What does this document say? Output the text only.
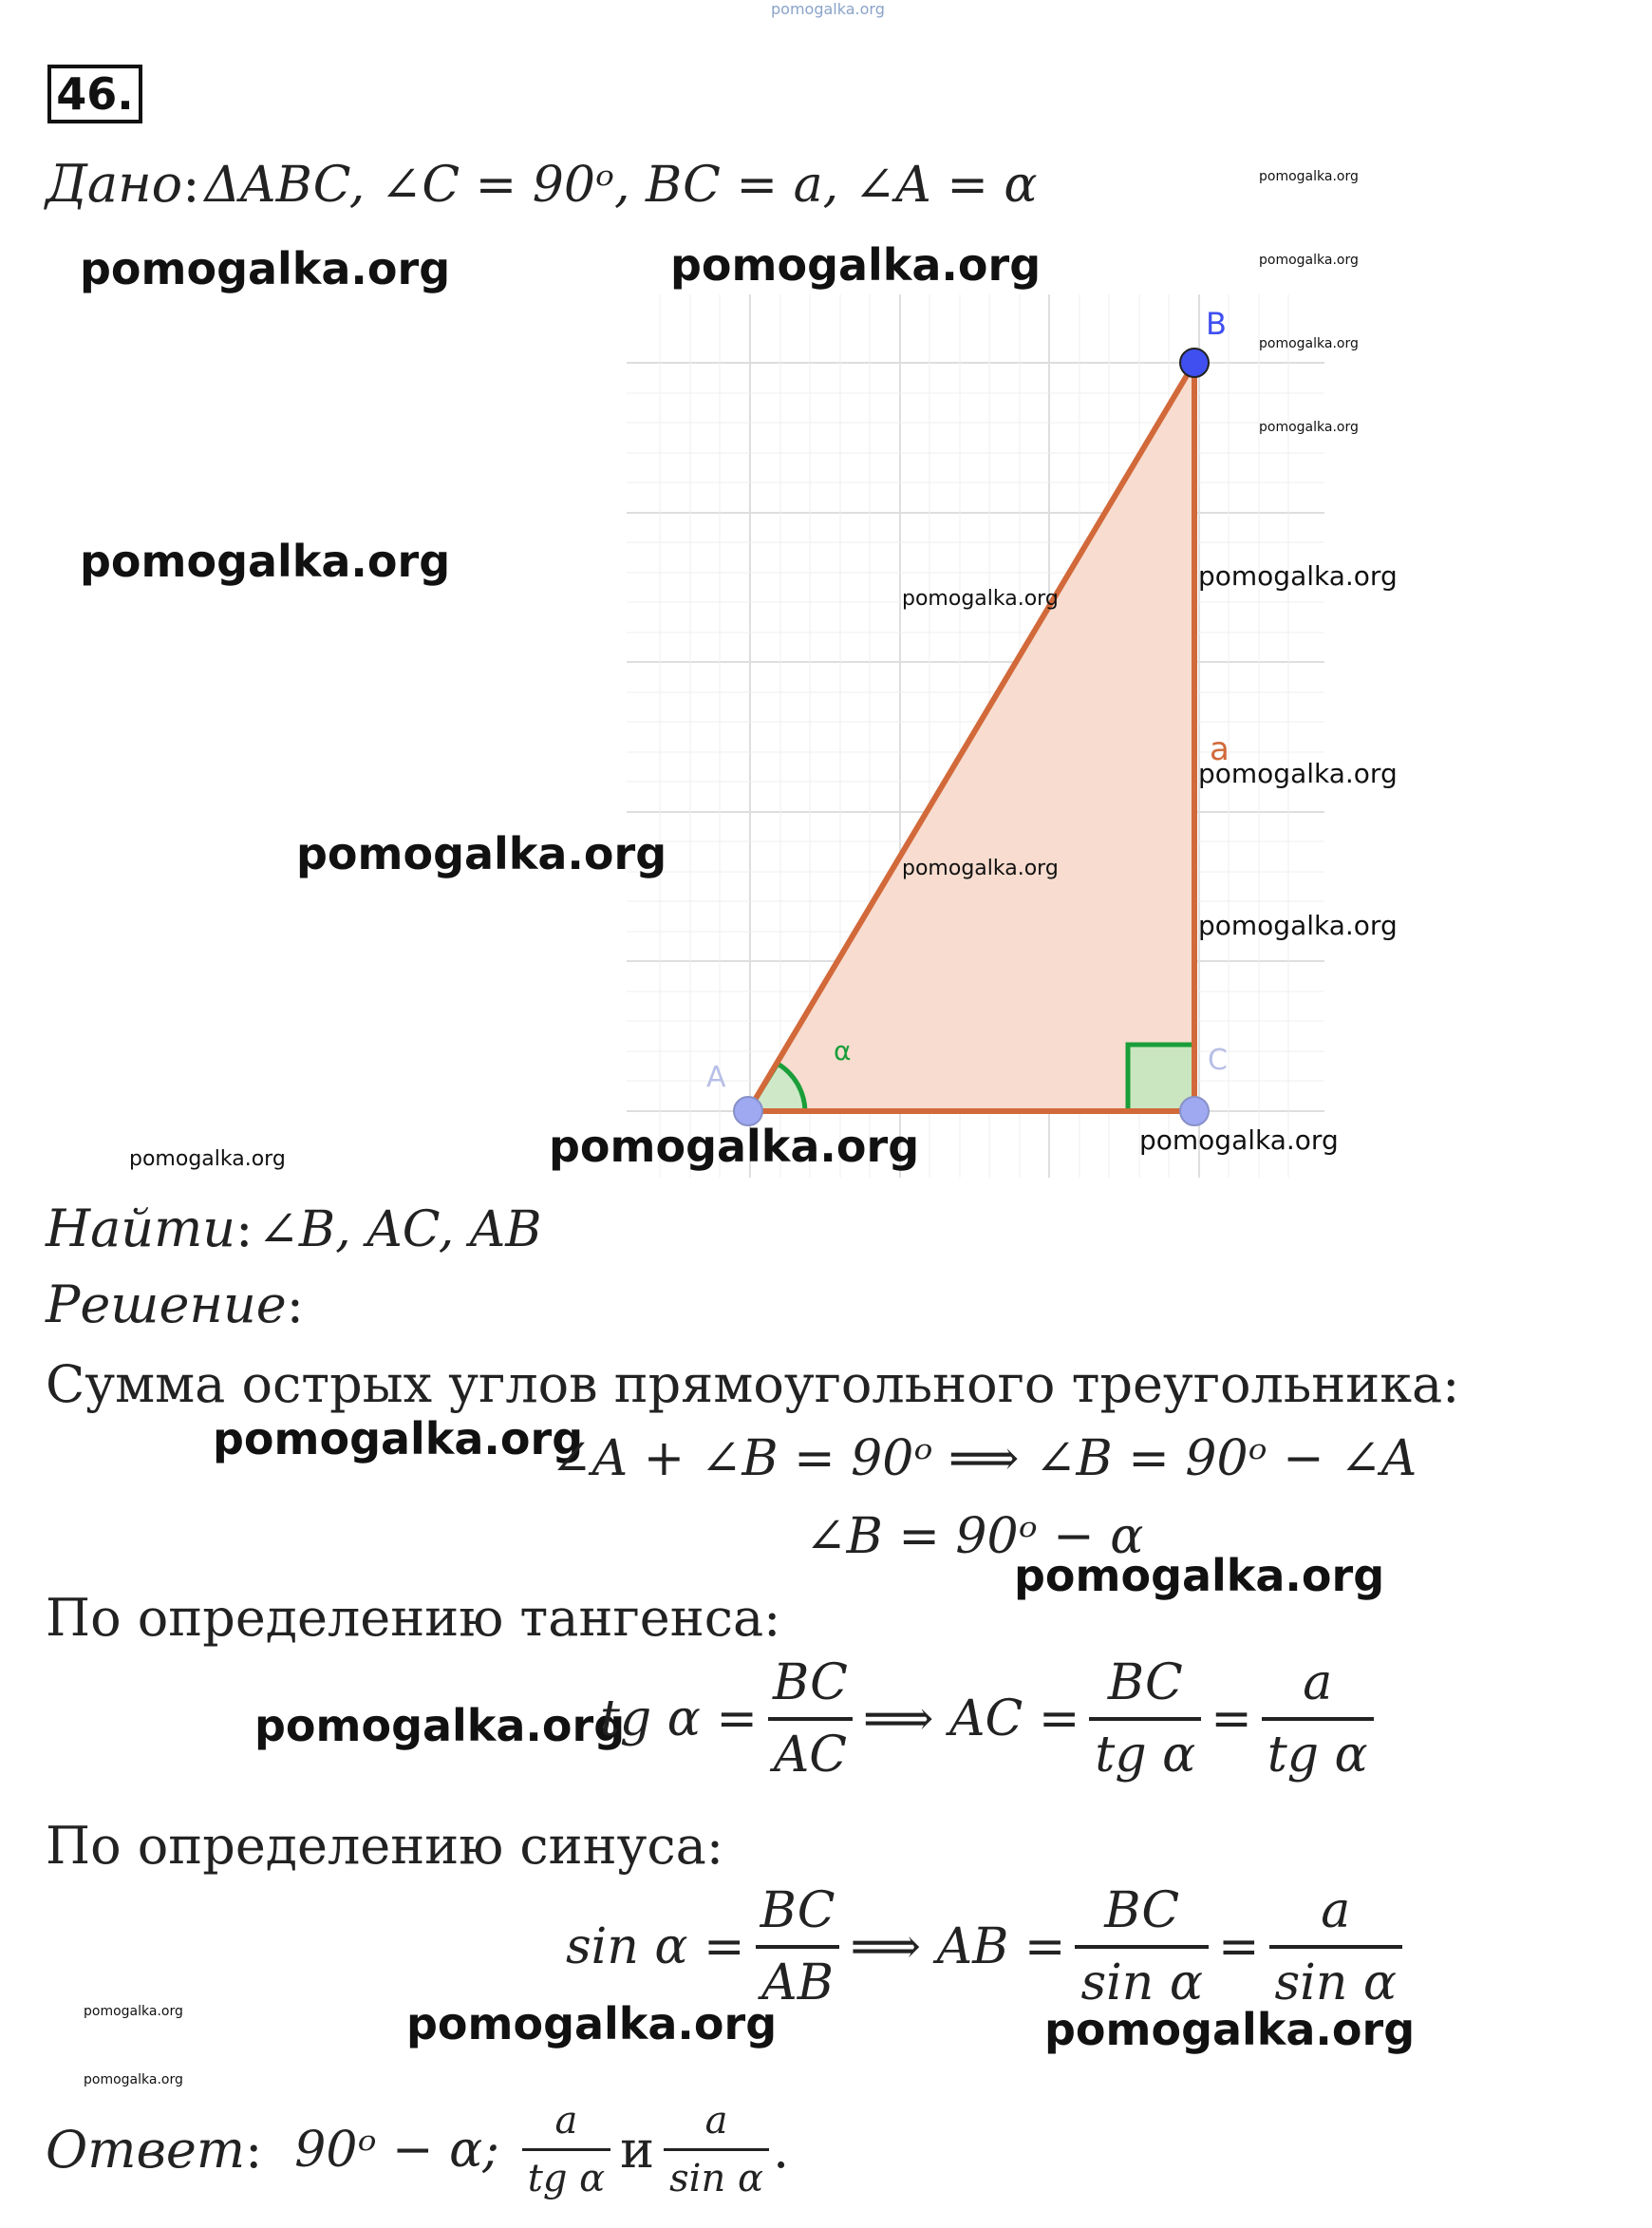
pomogalka.org
46.
Дано: ΔABC, ∠C = 90ᵒ, BC = a, ∠A = α
B
A
C
a
α
pomogalka.org	pomogalka.org
pomogalka.org
pomogalka.org
pomogalka.org
pomogalka.org
pomogalka.org
pomogalka.org
pomogalka.org
pomogalka.org
pomogalka.org
pomogalka.org
pomogalka.org
pomogalka.org
pomogalka.org
pomogalka.org
Найти: ∠B, AC, AB
Решение:
Сумма острых углов прямоугольного треугольника:
pomogalka.org
∠A + ∠B = 90ᵒ ⟹ ∠B = 90ᵒ − ∠A
∠B = 90ᵒ − α
pomogalka.org
По определению тангенса:
pomogalka.org
tg $\alpha = \frac{BC}{AC}$ ⟹ AC = $\frac{BC}{\text{tg α}} = \frac{a}{\text{tg α}}$
По определению синуса:
$\sin \alpha = \frac{BC}{AB}$ ⟹ AB = $\frac{BC}{\text{sin α}} = \frac{a}{\text{sin α}}$
pomogalka.org	pomogalka.org
pomogalka.org
pomogalka.org
Ответ : 90ᵒ − α; $\frac{a}{\text{tg α}}$ и $\frac{a}{\text{sin α}}$ .
